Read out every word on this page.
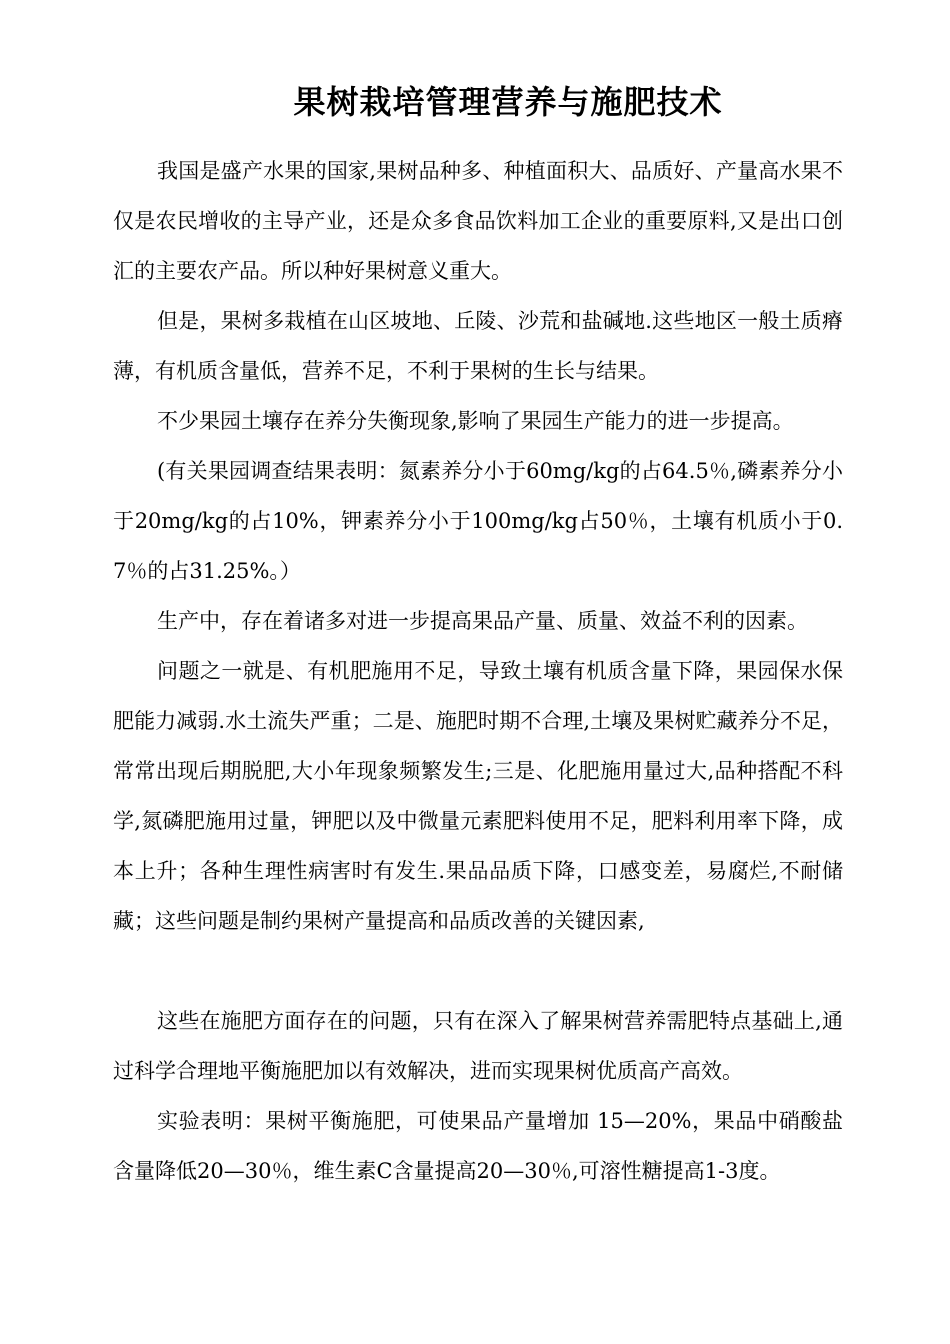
果树栽培管理营养与施肥技术

我国是盛产水果的国家,果树品种多、种植面积大、品质好、产量高水果不仅是农民增收的主导产业，还是众多食品饮料加工企业的重要原料,又是出口创汇的主要农产品。所以种好果树意义重大。

但是，果树多栽植在山区坡地、丘陵、沙荒和盐碱地.这些地区一般土质瘠薄，有机质含量低，营养不足，不利于果树的生长与结果。

不少果园土壤存在养分失衡现象,影响了果园生产能力的进一步提高。

(有关果园调查结果表明：氮素养分小于60mg/kg的占64.5％,磷素养分小于20mg/kg的占10%，钾素养分小于100mg/kg占50％，土壤有机质小于0.7％的占31.25%。）

生产中，存在着诸多对进一步提高果品产量、质量、效益不利的因素。

问题之一就是、有机肥施用不足，导致土壤有机质含量下降，果园保水保肥能力减弱.水土流失严重；二是、施肥时期不合理,土壤及果树贮藏养分不足，常常出现后期脱肥,大小年现象频繁发生;三是、化肥施用量过大,品种搭配不科学,氮磷肥施用过量，钾肥以及中微量元素肥料使用不足，肥料利用率下降，成本上升；各种生理性病害时有发生.果品品质下降，口感变差，易腐烂,不耐储藏；这些问题是制约果树产量提高和品质改善的关键因素,

这些在施肥方面存在的问题，只有在深入了解果树营养需肥特点基础上,通过科学合理地平衡施肥加以有效解决，进而实现果树优质高产高效。

实验表明：果树平衡施肥，可使果品产量增加 15—20%，果品中硝酸盐含量降低20—30％，维生素C含量提高20—30％,可溶性糖提高1-3度。
